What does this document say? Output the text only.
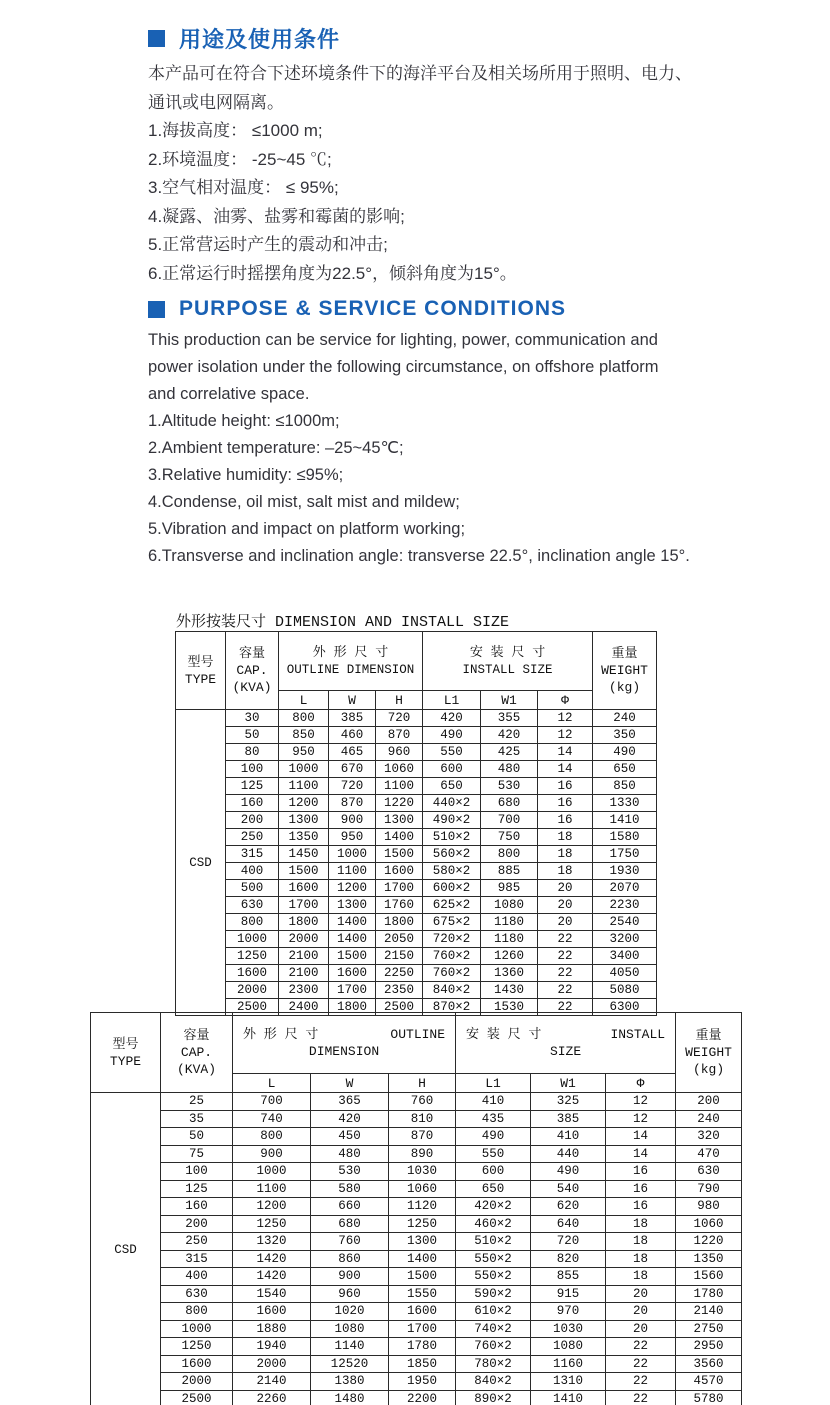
用途及使用条件

本产品可在符合下述环境条件下的海洋平台及相关场所用于照明、电力、
通讯或电网隔离。

1.海拔高度： ≤1000 m;
2.环境温度： -25~45 ℃;
3.空气相对温度： ≤ 95%;
4.凝露、油雾、盐雾和霉菌的影响;
5.正常营运时产生的震动和冲击;
6.正常运行时摇摆角度为22.5°，倾斜角度为15°。
PURPOSE & SERVICE CONDITIONS

This production can be service for lighting, power, communication and
power isolation under the following circumstance, on offshore platform
and correlative space.

1.Altitude height: ≤1000m;
2.Ambient temperature: –25~45℃;
3.Relative humidity: ≤95%;
4.Condense, oil mist, salt mist and mildew;
5.Vibration and impact on platform working;
6.Transverse and inclination angle: transverse 22.5°, inclination angle 15°.
外形按装尺寸 DIMENSION AND INSTALL SIZE
型号
TYPE	容量
CAP.
(KVA)	外 形 尺 寸
OUTLINE DIMENSION			安 装 尺 寸
INSTALL SIZE			重量
WEIGHT
(kg)
		L	W	H	L1	W1	Φ	
CSD	30	800	385	720	420	355	12	240
	50	850	460	870	490	420	12	350
	80	950	465	960	550	425	14	490
	100	1000	670	1060	600	480	14	650
	125	1100	720	1100	650	530	16	850
	160	1200	870	1220	440×2	680	16	1330
	200	1300	900	1300	490×2	700	16	1410
	250	1350	950	1400	510×2	750	18	1580
	315	1450	1000	1500	560×2	800	18	1750
	400	1500	1100	1600	580×2	885	18	1930
	500	1600	1200	1700	600×2	985	20	2070
	630	1700	1300	1760	625×2	1080	20	2230
	800	1800	1400	1800	675×2	1180	20	2540
	1000	2000	1400	2050	720×2	1180	22	3200
	1250	2100	1500	2150	760×2	1260	22	3400
	1600	2100	1600	2250	760×2	1360	22	4050
	2000	2300	1700	2350	840×2	1430	22	5080
	2500	2400	1800	2500	870×2	1530	22	6300
型号
TYPE	容量
CAP.
(KVA)	
外 形 尺 寸	OUTLINE
DIMENSION

安 装 尺 寸	INSTALL
SIZE
	重量
WEIGHT
(kg)
		L	W	H	L1	W1	Φ	
CSD	25	700	365	760	410	325	12	200
	35	740	420	810	435	385	12	240
	50	800	450	870	490	410	14	320
	75	900	480	890	550	440	14	470
	100	1000	530	1030	600	490	16	630
	125	1100	580	1060	650	540	16	790
	160	1200	660	1120	420×2	620	16	980
	200	1250	680	1250	460×2	640	18	1060
	250	1320	760	1300	510×2	720	18	1220
	315	1420	860	1400	550×2	820	18	1350
	400	1420	900	1500	550×2	855	18	1560
	630	1540	960	1550	590×2	915	20	1780
	800	1600	1020	1600	610×2	970	20	2140
	1000	1880	1080	1700	740×2	1030	20	2750
	1250	1940	1140	1780	760×2	1080	22	2950
	1600	2000	12520	1850	780×2	1160	22	3560
	2000	2140	1380	1950	840×2	1310	22	4570
	2500	2260	1480	2200	890×2	1410	22	5780
